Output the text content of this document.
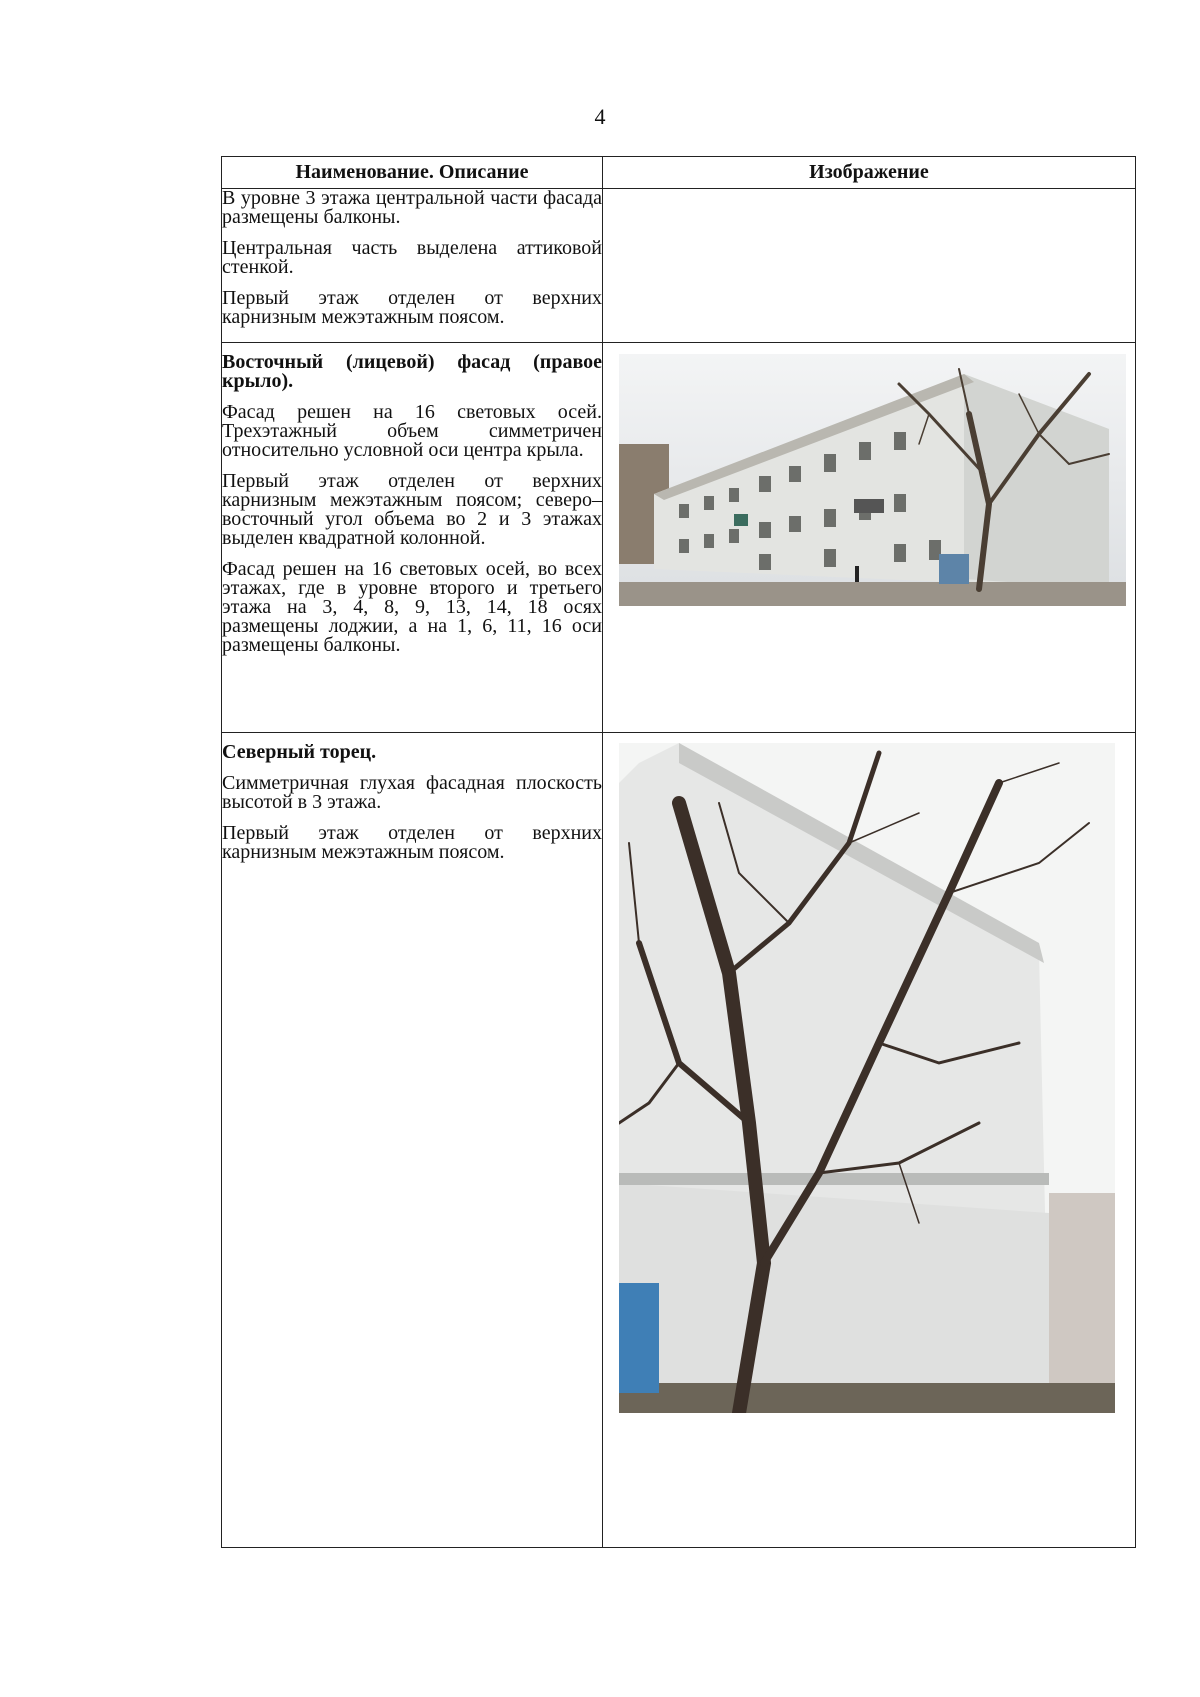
4
Наименование. Описание	Изображение

В уровне 3 этажа центральной части фасада размещены балконы.

Центральная часть выделена аттиковой стенкой.

Первый этаж отделен от верхних карнизным межэтажным поясом.	

Восточный (лицевой) фасад (правое крыло).

Фасад решен на 16 световых осей. Трехэтажный объем симметричен относительно условной оси центра крыла.

Первый этаж отделен от верхних карнизным межэтажным поясом; северо–восточный угол объема во 2 и 3 этажах выделен квадратной колонной.

Фасад решен на 16 световых осей, во всех этажах, где в уровне второго и третьего этажа на 3, 4, 8, 9, 13, 14, 18 осях размещены лоджии, а на 1, 6, 11, 16 оси размещены балконы.

Северный торец.

Симметричная глухая фасадная плоскость высотой в 3 этажа.

Первый этаж отделен от верхних карнизным межэтажным поясом.
